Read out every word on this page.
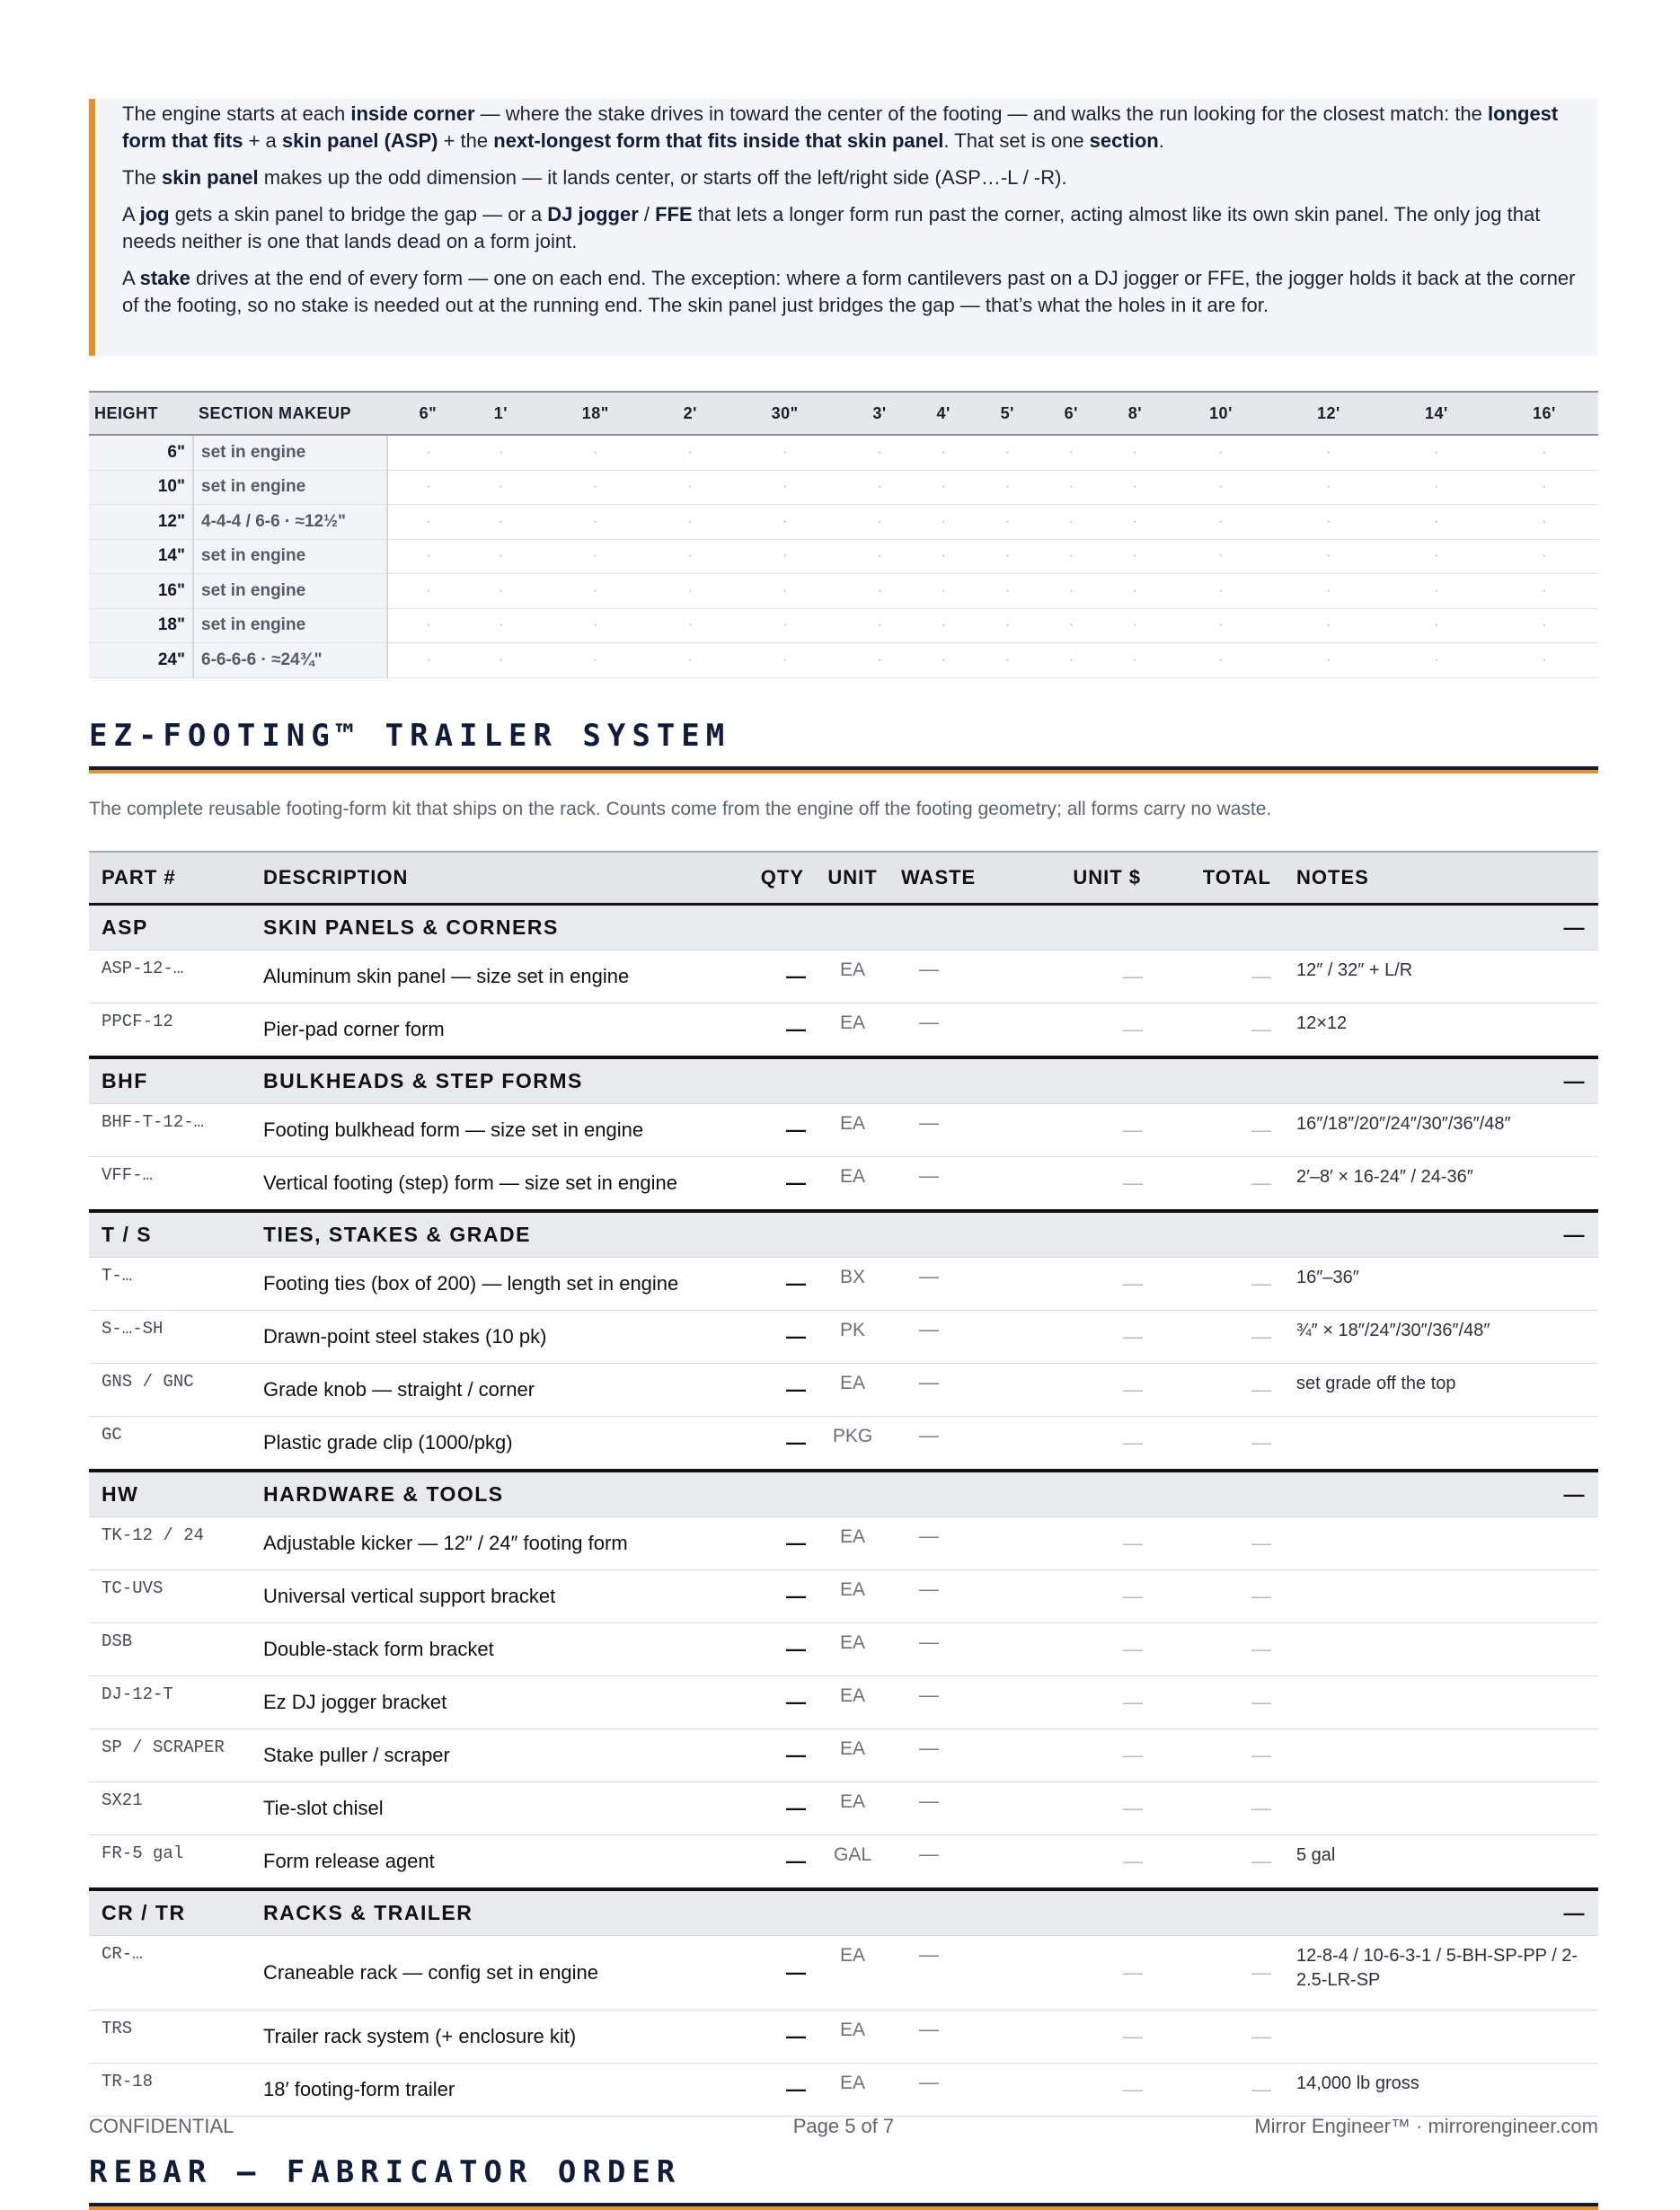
The engine starts at each inside corner — where the stake drives in toward the center of the footing — and walks the run looking for the closest match: the longest form that fits + a skin panel (ASP) + the next-longest form that fits inside that skin panel. That set is one section.

The skin panel makes up the odd dimension — it lands center, or starts off the left/right side (ASP…-L / -R).

A jog gets a skin panel to bridge the gap — or a DJ jogger / FFE that lets a longer form run past the corner, acting almost like its own skin panel. The only jog that needs neither is one that lands dead on a form joint.

A stake drives at the end of every form — one on each end. The exception: where a form cantilevers past on a DJ jogger or FFE, the jogger holds it back at the corner of the footing, so no stake is needed out at the running end. The skin panel just bridges the gap — that’s what the holes in it are for.

HEIGHT	SECTION MAKEUP	6"	1'	18"	2'	30"	3'	4'	5'	6'	8'	10'	12'	14'	16'
6"	set in engine	·	·	·	·	·	·	·	·	·	·	·	·	·	·
10"	set in engine	·	·	·	·	·	·	·	·	·	·	·	·	·	·
12"	4-4-4 / 6-6 · ≈12½"	·	·	·	·	·	·	·	·	·	·	·	·	·	·
14"	set in engine	·	·	·	·	·	·	·	·	·	·	·	·	·	·
16"	set in engine	·	·	·	·	·	·	·	·	·	·	·	·	·	·
18"	set in engine	·	·	·	·	·	·	·	·	·	·	·	·	·	·
24"	6-6-6-6 · ≈24¾"	·	·	·	·	·	·	·	·	·	·	·	·	·	·
EZ-FOOTING™ TRAILER SYSTEM
The complete reusable footing-form kit that ships on the rack. Counts come from the engine off the footing geometry; all forms carry no waste.
PART #	DESCRIPTION	QTY	UNIT	WASTE	UNIT $	TOTAL	NOTES
ASP	SKIN PANELS & CORNERS						—
ASP-12-…	Aluminum skin panel — size set in engine	—	EA	—	—	—	12″ / 32″ + L/R
PPCF-12	Pier-pad corner form	—	EA	—	—	—	12×12
BHF	BULKHEADS & STEP FORMS						—
BHF-T-12-…	Footing bulkhead form — size set in engine	—	EA	—	—	—	16″/18″/20″/24″/30″/36″/48″
VFF-…	Vertical footing (step) form — size set in engine	—	EA	—	—	—	2′–8′ × 16-24″ / 24-36″
T / S	TIES, STAKES & GRADE						—
T-…	Footing ties (box of 200) — length set in engine	—	BX	—	—	—	16″–36″
S-…-SH	Drawn-point steel stakes (10 pk)	—	PK	—	—	—	¾″ × 18″/24″/30″/36″/48″
GNS / GNC	Grade knob — straight / corner	—	EA	—	—	—	set grade off the top
GC	Plastic grade clip (1000/pkg)	—	PKG	—	—	—	
HW	HARDWARE & TOOLS						—
TK-12 / 24	Adjustable kicker — 12″ / 24″ footing form	—	EA	—	—	—	
TC-UVS	Universal vertical support bracket	—	EA	—	—	—	
DSB	Double-stack form bracket	—	EA	—	—	—	
DJ-12-T	Ez DJ jogger bracket	—	EA	—	—	—	
SP / SCRAPER	Stake puller / scraper	—	EA	—	—	—	
SX21	Tie-slot chisel	—	EA	—	—	—	
FR-5 gal	Form release agent	—	GAL	—	—	—	5 gal
CR / TR	RACKS & TRAILER						—
CR-…	Craneable rack — config set in engine	—	EA	—	—	—	12-8-4 / 10-6-3-1 / 5-BH-SP-PP / 2-2.5-LR-SP
TRS	Trailer rack system (+ enclosure kit)	—	EA	—	—	—	
TR-18	18′ footing-form trailer	—	EA	—	—	—	14,000 lb gross
REBAR — FABRICATOR ORDER
CONFIDENTIAL	Page 5 of 7	Mirror Engineer™ · mirrorengineer.com
